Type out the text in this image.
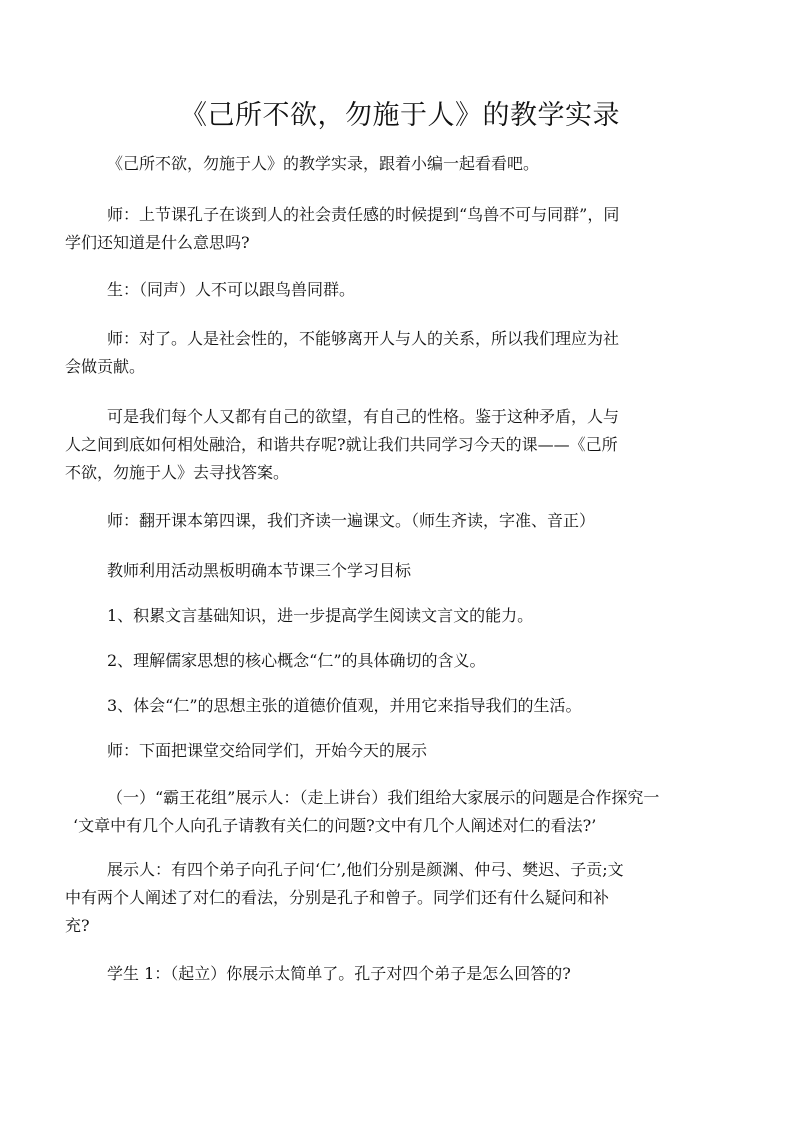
《己所不欲，勿施于人》的教学实录
《己所不欲，勿施于人》的教学实录，跟着小编一起看看吧。
师：上节课孔子在谈到人的社会责任感的时候提到“鸟兽不可与同群”，同
学们还知道是什么意思吗?
生：（同声）人不可以跟鸟兽同群。
师：对了。人是社会性的，不能够离开人与人的关系，所以我们理应为社
会做贡献。
可是我们每个人又都有自己的欲望，有自己的性格。鉴于这种矛盾，人与
人之间到底如何相处融洽，和谐共存呢?就让我们共同学习今天的课——《己所
不欲，勿施于人》去寻找答案。
师：翻开课本第四课，我们齐读一遍课文。（师生齐读，字准、音正）
教师利用活动黑板明确本节课三个学习目标
1、积累文言基础知识，进一步提高学生阅读文言文的能力。
2、理解儒家思想的核心概念“仁”的具体确切的含义。
3、体会“仁”的思想主张的道德价值观，并用它来指导我们的生活。
师：下面把课堂交给同学们，开始今天的展示
（一）“霸王花组”展示人：（走上讲台）我们组给大家展示的问题是合作探究一
‘文章中有几个人向孔子请教有关仁的问题?文中有几个人阐述对仁的看法?’
展示人：有四个弟子向孔子问‘仁’,他们分别是颜渊、仲弓、樊迟、子贡;文
中有两个人阐述了对仁的看法，分别是孔子和曾子。同学们还有什么疑问和补
充?
学生 1：（起立）你展示太简单了。孔子对四个弟子是怎么回答的?
